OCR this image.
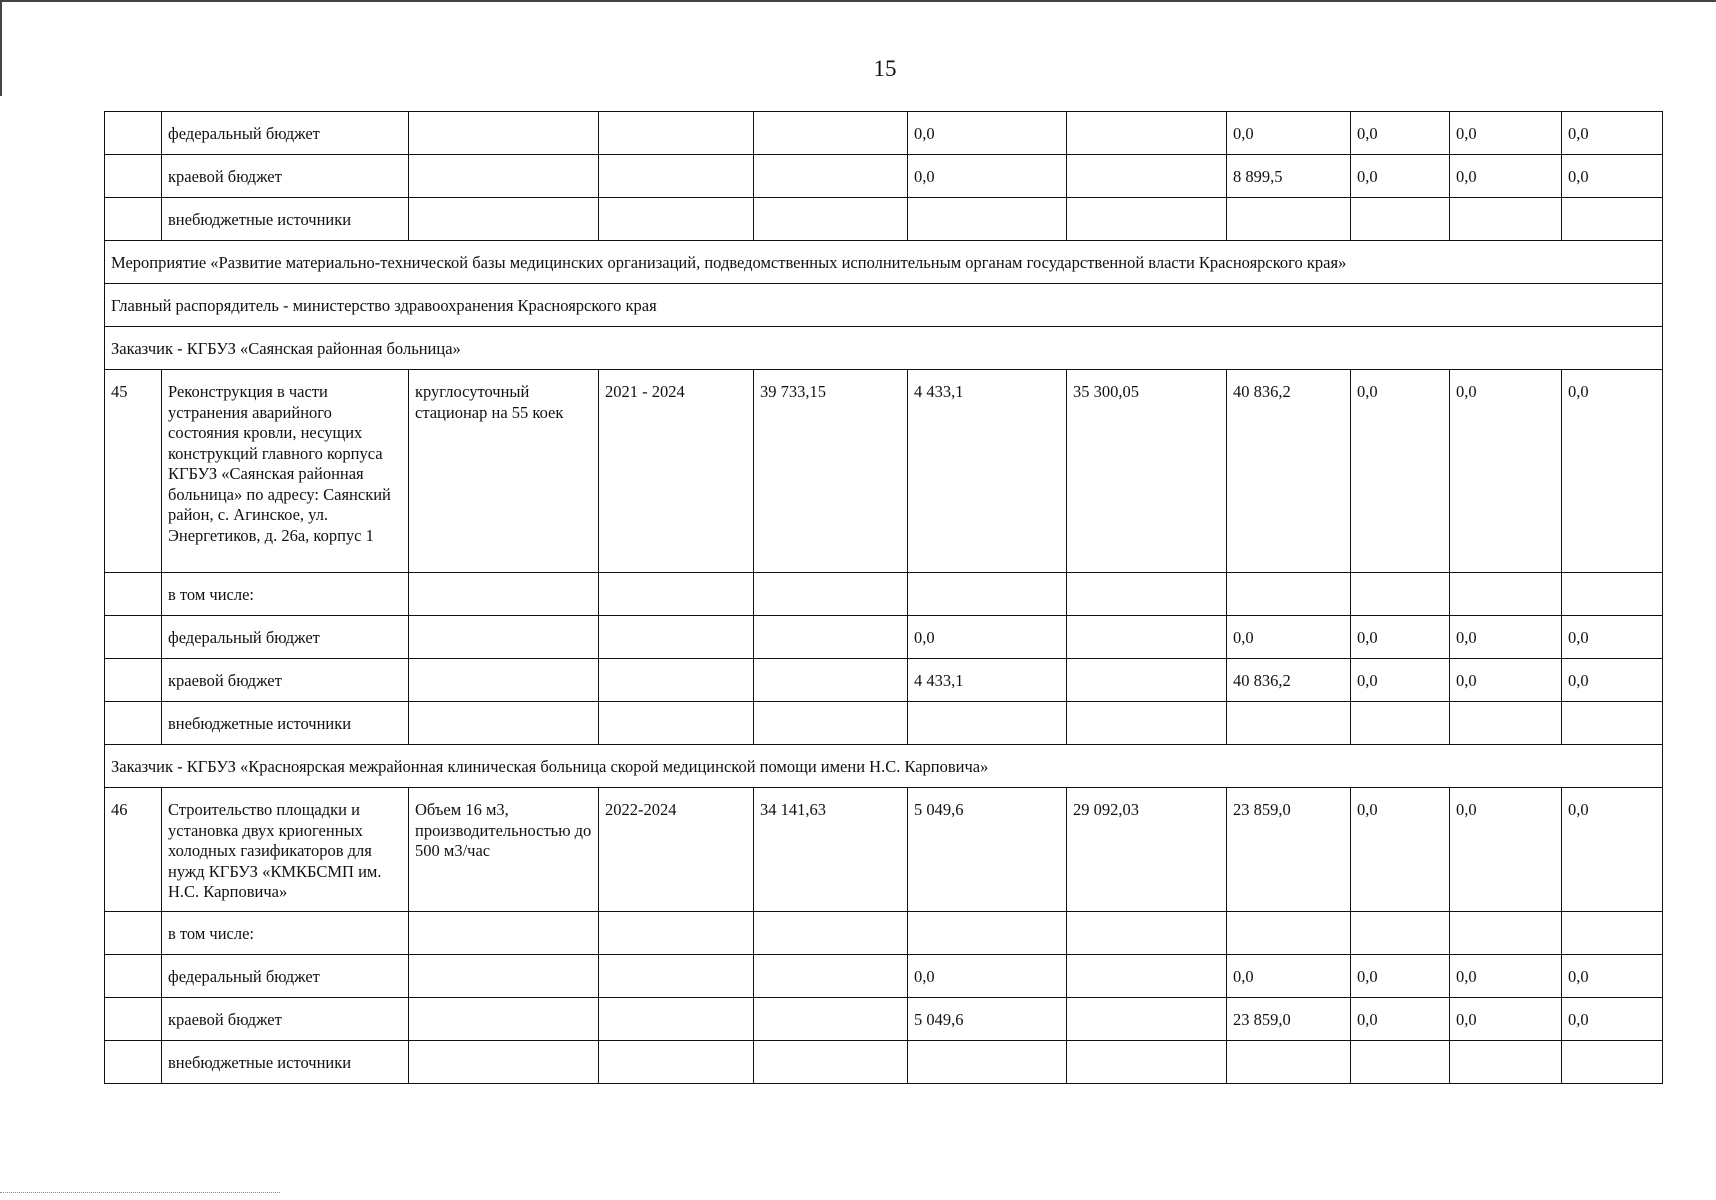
15
	федеральный бюджет				0,0		0,0	0,0	0,0	0,0
	краевой бюджет				0,0		8 899,5	0,0	0,0	0,0
	внебюджетные источники									
Мероприятие «Развитие материально-технической базы медицинских организаций, подведомственных исполнительным органам государственной власти Красноярского края»										
Главный распорядитель - министерство здравоохранения Красноярского края										
Заказчик - КГБУЗ «Саянская районная больница»										
45	Реконструкция в части устранения аварийного состояния кровли, несущих конструкций главного корпуса КГБУЗ «Саянская районная больница» по адресу: Саянский район, с. Агинское, ул. Энергетиков, д. 26а, корпус 1	круглосуточный стационар на 55 коек	2021 - 2024	39 733,15	4 433,1	35 300,05	40 836,2	0,0	0,0	0,0
	в том числе:									
	федеральный бюджет				0,0		0,0	0,0	0,0	0,0
	краевой бюджет				4 433,1		40 836,2	0,0	0,0	0,0
	внебюджетные источники									
Заказчик - КГБУЗ «Красноярская межрайонная клиническая больница скорой медицинской помощи имени Н.С. Карповича»										
46	Строительство площадки и установка двух криогенных холодных газификаторов для нужд КГБУЗ «КМКБСМП им. Н.С. Карповича»	Объем 16 м3, производительностью до 500 м3/час	2022-2024	34 141,63	5 049,6	29 092,03	23 859,0	0,0	0,0	0,0
	в том числе:									
	федеральный бюджет				0,0		0,0	0,0	0,0	0,0
	краевой бюджет				5 049,6		23 859,0	0,0	0,0	0,0
	внебюджетные источники									
